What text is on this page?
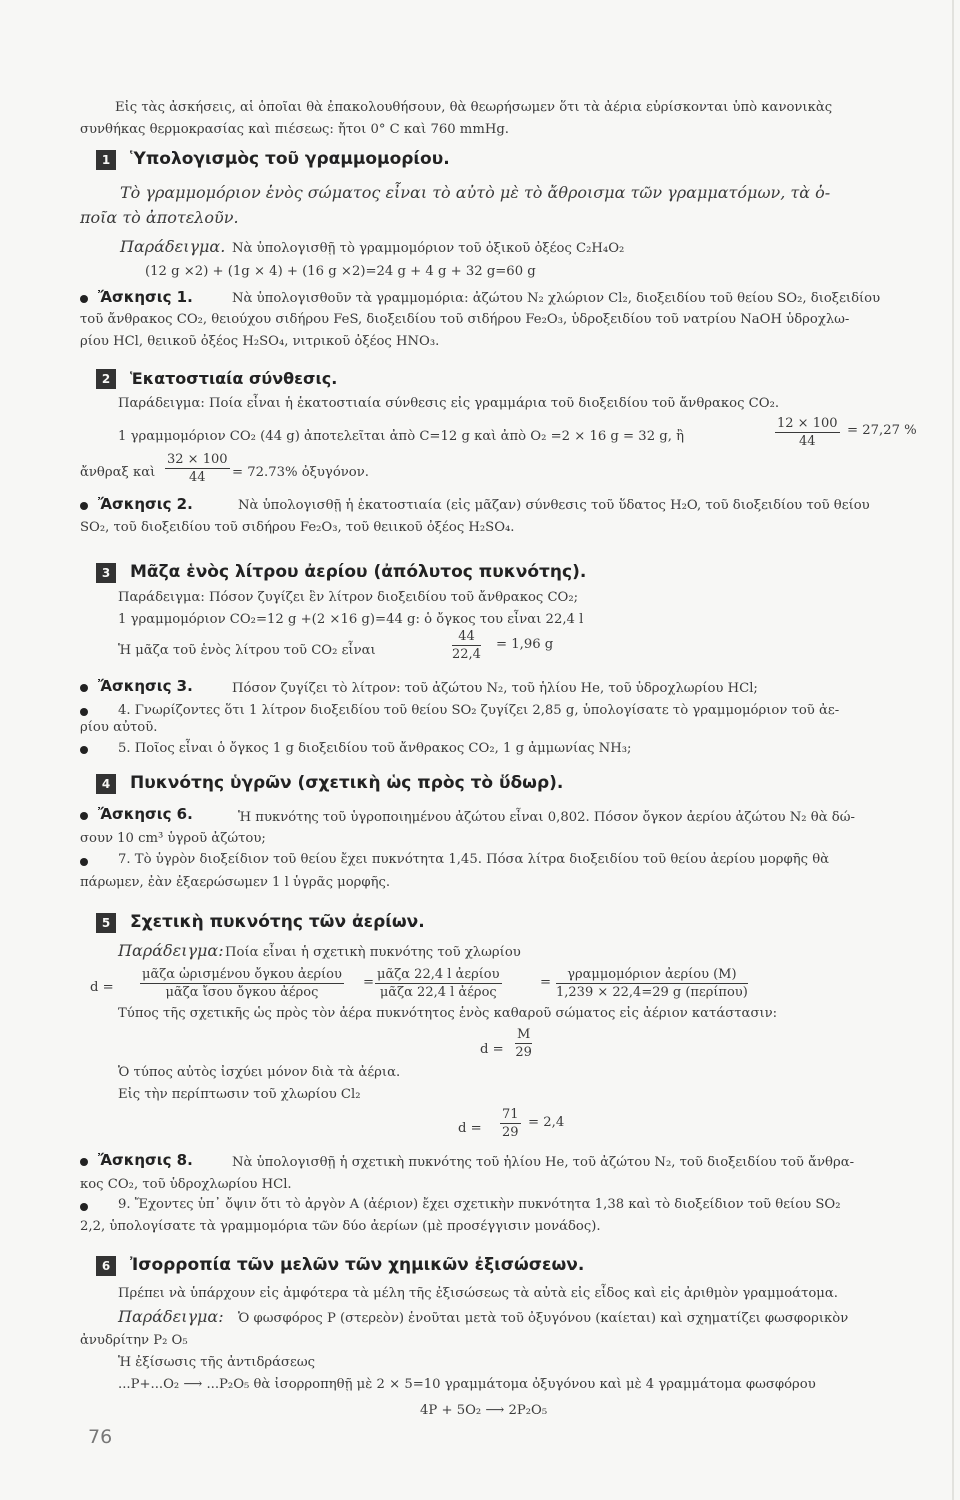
Εἰς τὰς ἀσκήσεις, αἱ ὁποῖαι θὰ ἐπακολουθήσουν, θὰ θεωρήσωμεν ὅτι τὰ ἀέρια εὑρίσκονται ὑπὸ κανονικὰς
συνθήκας θερμοκρασίας καὶ πιέσεως: ἤτοι 0° C καὶ 760 mmHg.
1	Ὑπολογισμὸς τοῦ γραμμομορίου.
Τὸ γραμμομόριον ἑνὸς σώματος εἶναι τὸ αὐτὸ μὲ τὸ ἄθροισμα τῶν γραμματόμων, τὰ ὁ-
ποῖα τὸ ἀποτελοῦν.
Παράδειγμα. Νὰ ὑπολογισθῇ τὸ γραμμομόριον τοῦ ὀξικοῦ ὀξέος C₂H₄O₂
(12 g ×2) + (1g × 4) + (16 g ×2)=24 g + 4 g + 32 g=60 g
Ἄσκησις 1.	Νὰ ὑπολογισθοῦν τὰ γραμμομόρια: ἀζώτου N₂ χλώριον Cl₂, διοξειδίου τοῦ θείου SO₂, διοξειδίου
τοῦ ἄνθρακος CO₂, θειούχου σιδήρου FeS, διοξειδίου τοῦ σιδήρου Fe₂O₃, ὑδροξειδίου τοῦ νατρίου NaOH ὑδροχλω-
ρίου HCl, θειικοῦ ὀξέος H₂SO₄, νιτρικοῦ ὀξέος HNO₃.
2	Ἑκατοστιαία σύνθεσις.
Παράδειγμα: Ποία εἶναι ἡ ἑκατοστιαία σύνθεσις εἰς γραμμάρια τοῦ διοξειδίου τοῦ ἄνθρακος CO₂.
1 γραμμομόριον CO₂ (44 g) ἀποτελεῖται ἀπὸ C=12 g καὶ ἀπὸ O₂ =2 × 16 g = 32 g, ἢ	$\frac{12 \times 100}{44} = 27,27$ %
ἄνθραξ καὶ $\frac{32 \times 100}{44} = 72.73\%$ ὀξυγόνον.
Ἄσκησις 2.	Νὰ ὑπολογισθῇ ἡ ἑκατοστιαία (εἰς μᾶζαν) σύνθεσις τοῦ ὕδατος H₂O, τοῦ διοξειδίου τοῦ θείου
SO₂, τοῦ διοξειδίου τοῦ σιδήρου Fe₂O₃, τοῦ θειικοῦ ὀξέος H₂SO₄.
3	Μᾶζα ἑνὸς λίτρου ἀερίου (ἀπόλυτος πυκνότης).
Παράδειγμα: Πόσον ζυγίζει ἓν λίτρον διοξειδίου τοῦ ἄνθρακος CO₂;
1 γραμμομόριον CO₂=12 g +(2 ×16 g)=44 g: ὁ ὄγκος του εἶναι 22,4 l
Ἡ μᾶζα τοῦ ἑνὸς λίτρου τοῦ CO₂ εἶναι	$\frac{44}{22,4} = 1,96$ g
Ἄσκησις 3.	Πόσον ζυγίζει τὸ λίτρον: τοῦ ἀζώτου N₂, τοῦ ἡλίου He, τοῦ ὑδροχλωρίου HCl;
4. Γνωρίζοντες ὅτι 1 λίτρον διοξειδίου τοῦ θείου SO₂ ζυγίζει 2,85 g, ὑπολογίσατε τὸ γραμμομόριον τοῦ ἀε-
ρίου αὐτοῦ.
5. Ποῖος εἶναι ὁ ὄγκος 1 g διοξειδίου τοῦ ἄνθρακος CO₂, 1 g ἀμμωνίας NH₃;
4	Πυκνότης ὑγρῶν (σχετικὴ ὡς πρὸς τὸ ὕδωρ).
Ἄσκησις 6.	Ἡ πυκνότης τοῦ ὑγροποιημένου ἀζώτου εἶναι 0,802. Πόσον ὄγκον ἀερίου ἀζώτου N₂ θὰ δώ-
σουν 10 cm³ ὑγροῦ ἀζώτου;
7. Τὸ ὑγρὸν διοξείδιον τοῦ θείου ἔχει πυκνότητα 1,45. Πόσα λίτρα διοξειδίου τοῦ θείου ἀερίου μορφῆς θὰ
πάρωμεν, ἐὰν ἐξαερώσωμεν 1 l ὑγρᾶς μορφῆς.
5	Σχετικὴ πυκνότης τῶν ἀερίων.
Παράδειγμα: Ποία εἶναι ἡ σχετικὴ πυκνότης τοῦ χλωρίου
d =
μᾶζα ὡρισμένου ὄγκου ἀερίου
μᾶζα ἴσου ὄγκου ἀέρος
=
μᾶζα 22,4 l ἀερίου
μᾶζα 22,4 l ἀέρος
=
γραμμομόριον ἀερίου (M)
1,239 × 22,4=29 g (περίπου)
Τύπος τῆς σχετικῆς ὡς πρὸς τὸν ἀέρα πυκνότητος ἑνὸς καθαροῦ σώματος εἰς ἀέριον κατάστασιν:
$d = \frac{M}{29}$
Ὁ τύπος αὐτὸς ἰσχύει μόνον διὰ τὰ ἀέρια.
Εἰς τὴν περίπτωσιν τοῦ χλωρίου Cl₂
$d = \frac{71}{29} = 2,4$
Ἄσκησις 8.	Νὰ ὑπολογισθῇ ἡ σχετικὴ πυκνότης τοῦ ἡλίου He, τοῦ ἀζώτου N₂, τοῦ διοξειδίου τοῦ ἄνθρα-
κος CO₂, τοῦ ὑδροχλωρίου HCl.
9. Ἔχοντες ὑπ᾿ ὄψιν ὅτι τὸ ἀργὸν A (ἀέριον) ἔχει σχετικὴν πυκνότητα 1,38 καὶ τὸ διοξείδιον τοῦ θείου SO₂
2,2, ὑπολογίσατε τὰ γραμμομόρια τῶν δύο ἀερίων (μὲ προσέγγισιν μονάδος).
6	Ἰσορροπία τῶν μελῶν τῶν χημικῶν ἐξισώσεων.
Πρέπει νὰ ὑπάρχουν εἰς ἀμφότερα τὰ μέλη τῆς ἐξισώσεως τὰ αὐτὰ εἰς εἶδος καὶ εἰς ἀριθμὸν γραμμοάτομα.
Παράδειγμα: Ὁ φωσφόρος P (στερεὸν) ἑνοῦται μετὰ τοῦ ὀξυγόνου (καίεται) καὶ σχηματίζει φωσφορικὸν
ἀνυδρίτην P₂ O₅
Ἡ ἐξίσωσις τῆς ἀντιδράσεως
...P+...O₂ ⟶ ...P₂O₅ θὰ ἰσορροπηθῇ μὲ 2 × 5=10 γραμμάτομα ὀξυγόνου καὶ μὲ 4 γραμμάτομα φωσφόρου
4P + 5O₂ ⟶ 2P₂O₅
76
